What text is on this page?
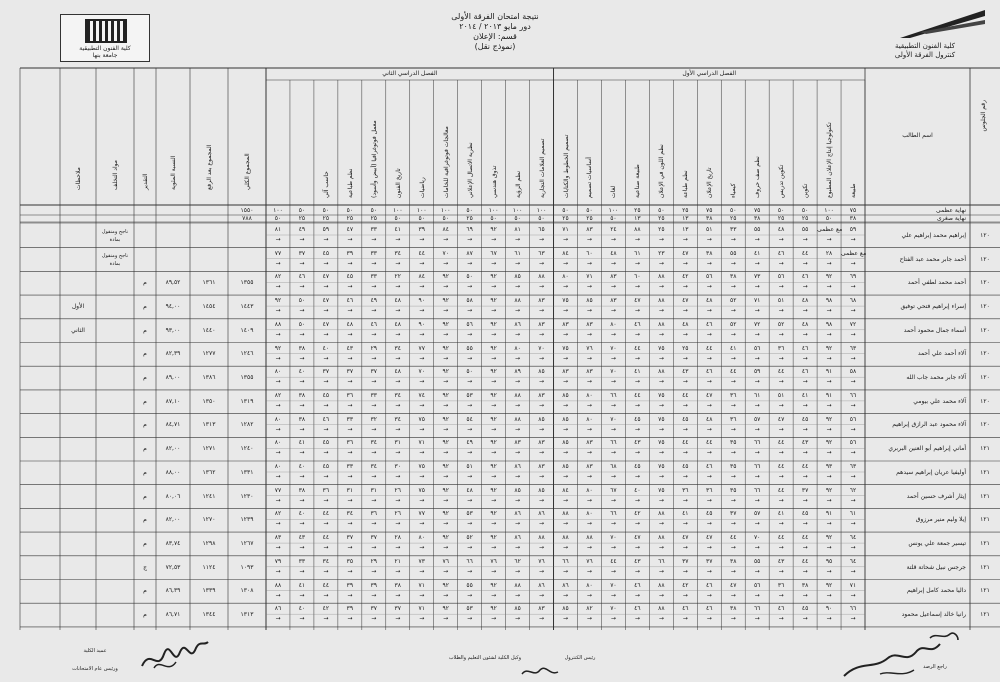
نتيجة امتحان الفرقة الأولى
دور مايو ٢٠١٣ / ٢٠١٤
قسم: الإعلان
(نموذج نقل)
كلية الفنون التطبيقية
جامعة بنها
كلية الفنون التطبيقية
كنترول الفرقة الأولى
الفصل الدراسي الأول
الفصل الدراسي الثاني
اسم الطالب
رقم الجلوس
طبيعة
تكنولوجيا إنتاج الإعلان المطبوع
تكوين
تكوين تدريس
نظم صف حروف
كيمياء
تاريخ الإعلان
نظم طباعة
نظم اللون في الإعلان
طبيعة صناعية
لغات
أساسيات تصميم
تصميم الخطوط والكتابات
تصميم العلامات التجارية
نظم الرؤية
تذوق هندسي
نظرية الاتصال الإعلاني
معالجات فوتوغرافية للخامات
رياضيات
تاريخ الفنون
معمل فوتوغرافيا (أبيض وأسود)
نظم طباعية
حاسب آلي
المجموع الكلي
المجموع بعد الرفع
النسبة المئوية
التقدير
مواد التخلف
ملاحظات
نهاية عظمى
٧٥
١٠٠
٥٠
٥٠
٧٥
٥٠
٧٥
٢٥
٥٠
٢٥
١٠٠
٥٠
٥٠
١٠٠
١٠٠
١٠٠
٥٠
١٠٠
١٠٠
١٠٠
٥٠
٥٠
٥٠
٥٠
١٠٠
١٥٥٠
نهاية صغرى
٣٨
٥٠
٢٥
٢٥
٣٨
٢٥
٣٨
١٣
٢٥
١٣
٥٠
٢٥
٢٥
٥٠
٥٠
٥٠
٢٥
٥٠
٥٠
٥٠
٢٥
٢٥
٢٥
٢٥
٥٠
٧٨٨
١٢٠
إبراهيم محمد إبراهيم علي
٥٩
→
مع عظمى
→
٥٥
→
٤٨
→
٥٥
→
٣٣
→
٥١
→
١٣
→
٢٥
→
٨٨
→
٢٤
→
٨٣
→
٧١
→
٦٥
→
٨١
→
٩٢
→
٦٩
→
٨٤
→
٣٩
→
٤١
→
٣٣
→
٤٧
→
٥٩
→
٤٩
→
٨١
→
ناجح ومنقول بمادة
١٢٠
أحمد جابر محمد عبد الفتاح
مع عظمى
→
٢٨
→
٤٤
→
٤٦
→
٤١
→
٥٥
→
٣٨
→
٤٧
→
٢٣
→
٦١
→
٤٨
→
٦٠
→
٨٤
→
٦٣
→
٦١
→
٦٧
→
٨٧
→
٧٠
→
٤٤
→
٣٤
→
٣٣
→
٣٩
→
٤٥
→
٣٧
→
٧٧
→
ناجح ومنقول بمادة
١٢٠
أحمد محمد لطفي أحمد
٦٩
→
٩٢
→
٤٦
→
٥٦
→
٧٣
→
٣٨
→
٥٦
→
٤٢
→
٨٨
→
٦٠
→
٨٣
→
٧١
→
٨٠
→
٨٨
→
٨٥
→
٩٢
→
٥٠
→
٩٢
→
٨٤
→
٢٢
→
٣٣
→
٤٥
→
٤٧
→
٤٦
→
٨٢
→
١٣٥٥
١٣٦١
٨٩,٥٢
م
١٢٠
إسراء إبراهيم فتحي توفيق
٦٨
→
٩٨
→
٤٨
→
٥١
→
٧١
→
٥٢
→
٤٨
→
٤٧
→
٨٨
→
٤٧
→
٨٣
→
٨٥
→
٧٥
→
٨٣
→
٨٨
→
٩٢
→
٥٨
→
٩٢
→
٩٠
→
٤٨
→
٤٩
→
٤٦
→
٤٧
→
٥٠
→
٩٢
→
١٤٤٣
١٤٥٤
٩٤,٠٠
م
الأول
١٢٠
أسماء جمال محمود أحمد
٧٢
→
٩٨
→
٤٨
→
٥٢
→
٧٢
→
٥٢
→
٤٦
→
٤٨
→
٨٨
→
٤٦
→
٨٠
→
٨٣
→
٨٣
→
٨٣
→
٨٦
→
٩٢
→
٥٦
→
٩٢
→
٩٠
→
٤٨
→
٤٦
→
٤٨
→
٤٧
→
٥٠
→
٨٨
→
١٤٠٩
١٤٤٠
٩٣,٠٠
م
الثاني
١٢٠
آلاء أحمد علي أحمد
٦٣
→
٩٢
→
٤٦
→
٣٦
→
٥٦
→
٤١
→
٤٤
→
٢٥
→
٧٥
→
٤٤
→
٧٠
→
٧٦
→
٧٥
→
٧٠
→
٨٠
→
٩٢
→
٥٥
→
٩٢
→
٧٧
→
٣٤
→
٢٩
→
٤٣
→
٤٠
→
٣٨
→
٩٢
→
١٢٤٦
١٢٧٧
٨٢,٣٩
م
١٢٠
آلاء جابر محمد جاب الله
٥٨
→
٩١
→
٤٦
→
٤٤
→
٥٩
→
٤٤
→
٤٦
→
٤٣
→
٨٨
→
٤١
→
٧٠
→
٨٣
→
٨٣
→
٨٥
→
٨٩
→
٩٢
→
٥٠
→
٩٢
→
٧٠
→
٤٨
→
٣٧
→
٣٧
→
٣٧
→
٤٠
→
٨٠
→
١٣٥٥
١٣٨٦
٨٩,٠٠
م
١٢٠
آلاء محمد علي بيومي
٦٦
→
٩١
→
٤١
→
٥١
→
٦١
→
٣٦
→
٤٧
→
٤٤
→
٧٥
→
٤٤
→
٦٦
→
٨٠
→
٨٥
→
٨٣
→
٨٨
→
٩٢
→
٥٣
→
٩٢
→
٧٤
→
٣٤
→
٣٣
→
٣٦
→
٤٥
→
٣٨
→
٨٢
→
١٣١٩
١٣٥٠
٨٧,١٠
م
١٢٠
آلاء محمود عبد الرازق إبراهيم
٥٦
→
٩٢
→
٤٥
→
٤٧
→
٥٧
→
٣٦
→
٤٨
→
٤٥
→
٧٥
→
٤٥
→
٧٠
→
٨٠
→
٨٥
→
٨٥
→
٨٨
→
٩٢
→
٥٤
→
٩٢
→
٧٥
→
٣٤
→
٣٢
→
٣٣
→
٤٦
→
٣٨
→
٨٠
→
١٢٨٢
١٣١٣
٨٤,٧١
م
١٢١
أماني إبراهيم أبو العنين البربري
٥٦
→
٩٢
→
٤٣
→
٤٤
→
٦٦
→
٣٥
→
٤٤
→
٤٤
→
٧٥
→
٤٣
→
٦٦
→
٨٣
→
٨٥
→
٨٣
→
٨٣
→
٩٢
→
٤٩
→
٩٢
→
٧١
→
٣١
→
٣٤
→
٣٦
→
٤٥
→
٤١
→
٨٠
→
١٢٤٠
١٢٧١
٨٢,٠٠
م
١٢١
أوليفيا عريان إبراهيم سيدهم
٦٣
→
٩٣
→
٤٤
→
٤٤
→
٦٦
→
٣٥
→
٤٦
→
٤٥
→
٧٥
→
٤٥
→
٦٨
→
٨٣
→
٨٥
→
٨٣
→
٨٦
→
٩٢
→
٥١
→
٩٢
→
٧٥
→
٣٠
→
٣٤
→
٣٣
→
٤٥
→
٤٠
→
٨٠
→
١٣٣١
١٣٦٢
٨٨,٠٠
م
١٢١
إيثار أشرف حسين أحمد
٦٢
→
٩٢
→
٣٧
→
٤٤
→
٦٦
→
٣٥
→
٣٦
→
٣٦
→
٧٥
→
٤٠
→
٦٧
→
٨٠
→
٨٤
→
٨٥
→
٨٥
→
٩٢
→
٤٨
→
٩٢
→
٧٥
→
٢٦
→
٣١
→
٣١
→
٣٦
→
٣٨
→
٧٧
→
١٢٣٠
١٢٤١
٨٠,٠٦
م
١٢١
إيلا وليم منير مرزوق
٦١
→
٩١
→
٤٥
→
٤١
→
٥٧
→
٣٧
→
٤٥
→
٤١
→
٨٨
→
٤٢
→
٦٦
→
٨٠
→
٨٨
→
٨٦
→
٨٦
→
٩٢
→
٥٣
→
٩٢
→
٧٧
→
٢٦
→
٣٦
→
٣٤
→
٤٤
→
٤٠
→
٨٢
→
١٢٣٩
١٢٧٠
٨٢,٠٠
م
١٢١
تيسير جمعة علي يونس
٦٤
→
٩٢
→
٤٤
→
٤٤
→
٧٠
→
٤٤
→
٤٧
→
٤٧
→
٨٨
→
٤٧
→
٧٠
→
٨٨
→
٨٨
→
٨٨
→
٨٦
→
٩٢
→
٥٢
→
٩٢
→
٨٠
→
٢٨
→
٣٧
→
٣٧
→
٤٤
→
٤٣
→
٨٣
→
١٢٦٧
١٢٩٨
٨٣,٧٤
م
١٢١
جرجس نبيل شحاتة قلتة
٦٤
→
٩٥
→
٤٤
→
٤٣
→
٥٥
→
٣٨
→
٣٧
→
٣٧
→
٦٦
→
٤٣
→
٤٤
→
٧٦
→
٦٦
→
٧٦
→
٦٢
→
٧٦
→
٦٦
→
٧٦
→
٧٣
→
٢١
→
٢٩
→
٣٥
→
٣٤
→
٣٣
→
٧٩
→
١٠٩٣
١١٢٤
٧٢,٥٣
ج
١٢١
داليا محمد كامل إبراهيم
٧١
→
٩٢
→
٣٨
→
٣٦
→
٥٦
→
٤٧
→
٤٦
→
٤٢
→
٨٨
→
٤٦
→
٧٠
→
٨٠
→
٨٦
→
٨٦
→
٨٨
→
٩٢
→
٥٥
→
٩٢
→
٧١
→
٣٨
→
٣٩
→
٣٩
→
٤٤
→
٤١
→
٨٨
→
١٣٠٨
١٣٣٩
٨٦,٣٩
م
١٢١
رانيا خالد إسماعيل محمود
٦٦
→
٩٠
→
٤٥
→
٤٦
→
٦٦
→
٣٨
→
٤٦
→
٤٦
→
٨٨
→
٤٦
→
٧٠
→
٨٢
→
٨٥
→
٨٣
→
٨٥
→
٩٢
→
٥٣
→
٩٢
→
٧١
→
٣٧
→
٣٧
→
٣٩
→
٤٢
→
٤٠
→
٨٦
→
١٣١٣
١٣٤٤
٨٦,٧١
م
رئيس الكنترول
وكيل الكلية لشئون التعليم والطلاب
عميد الكلية
ورئيس عام الامتحانات	راجع الرصد
